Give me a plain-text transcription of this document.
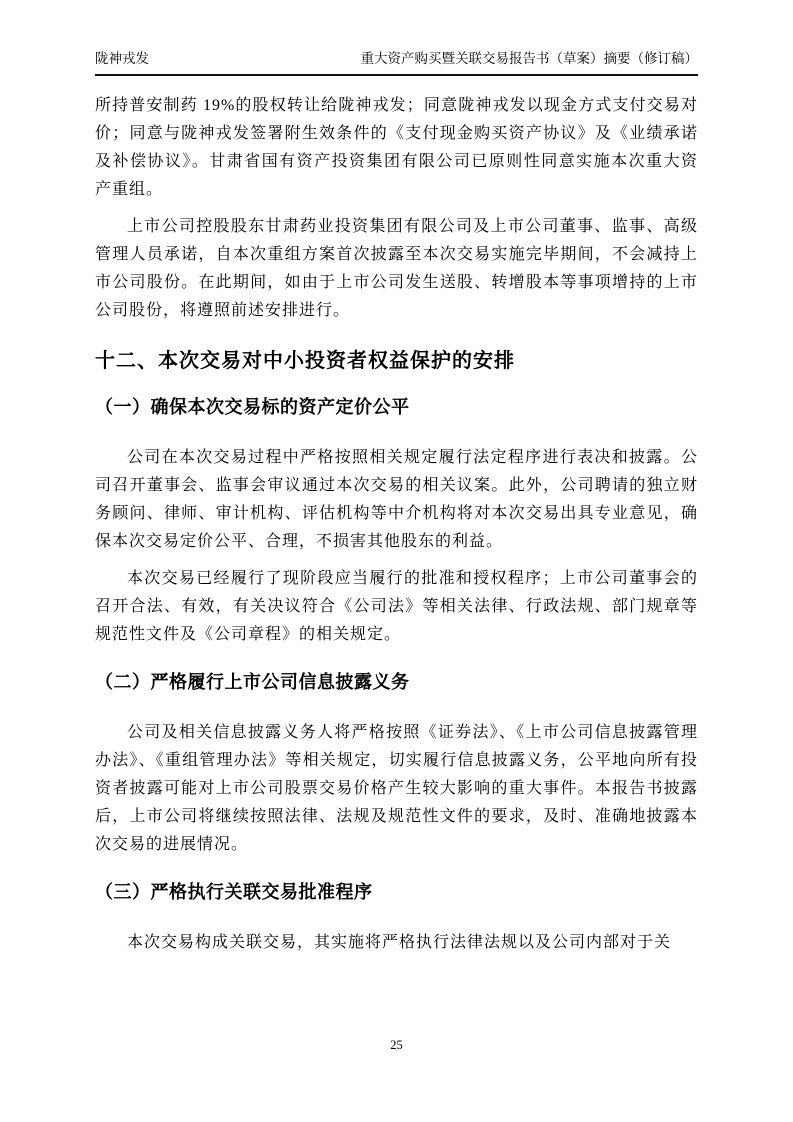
陇神戎发	重大资产购买暨关联交易报告书（草案）摘要（修订稿）

所持普安制药 19%的股权转让给陇神戎发；同意陇神戎发以现金方式支付交易对价；同意与陇神戎发签署附生效条件的《支付现金购买资产协议》及《业绩承诺及补偿协议》。甘肃省国有资产投资集团有限公司已原则性同意实施本次重大资产重组。

上市公司控股股东甘肃药业投资集团有限公司及上市公司董事、监事、高级管理人员承诺，自本次重组方案首次披露至本次交易实施完毕期间，不会减持上市公司股份。在此期间，如由于上市公司发生送股、转增股本等事项增持的上市公司股份，将遵照前述安排进行。

十二、本次交易对中小投资者权益保护的安排
（一）确保本次交易标的资产定价公平

公司在本次交易过程中严格按照相关规定履行法定程序进行表决和披露。公司召开董事会、监事会审议通过本次交易的相关议案。此外，公司聘请的独立财务顾问、律师、审计机构、评估机构等中介机构将对本次交易出具专业意见，确保本次交易定价公平、合理，不损害其他股东的利益。

本次交易已经履行了现阶段应当履行的批准和授权程序；上市公司董事会的召开合法、有效，有关决议符合《公司法》等相关法律、行政法规、部门规章等规范性文件及《公司章程》的相关规定。

（二）严格履行上市公司信息披露义务

公司及相关信息披露义务人将严格按照《证券法》、《上市公司信息披露管理办法》、《重组管理办法》等相关规定，切实履行信息披露义务，公平地向所有投资者披露可能对上市公司股票交易价格产生较大影响的重大事件。本报告书披露后，上市公司将继续按照法律、法规及规范性文件的要求，及时、准确地披露本次交易的进展情况。

（三）严格执行关联交易批准程序

本次交易构成关联交易，其实施将严格执行法律法规以及公司内部对于关

25
